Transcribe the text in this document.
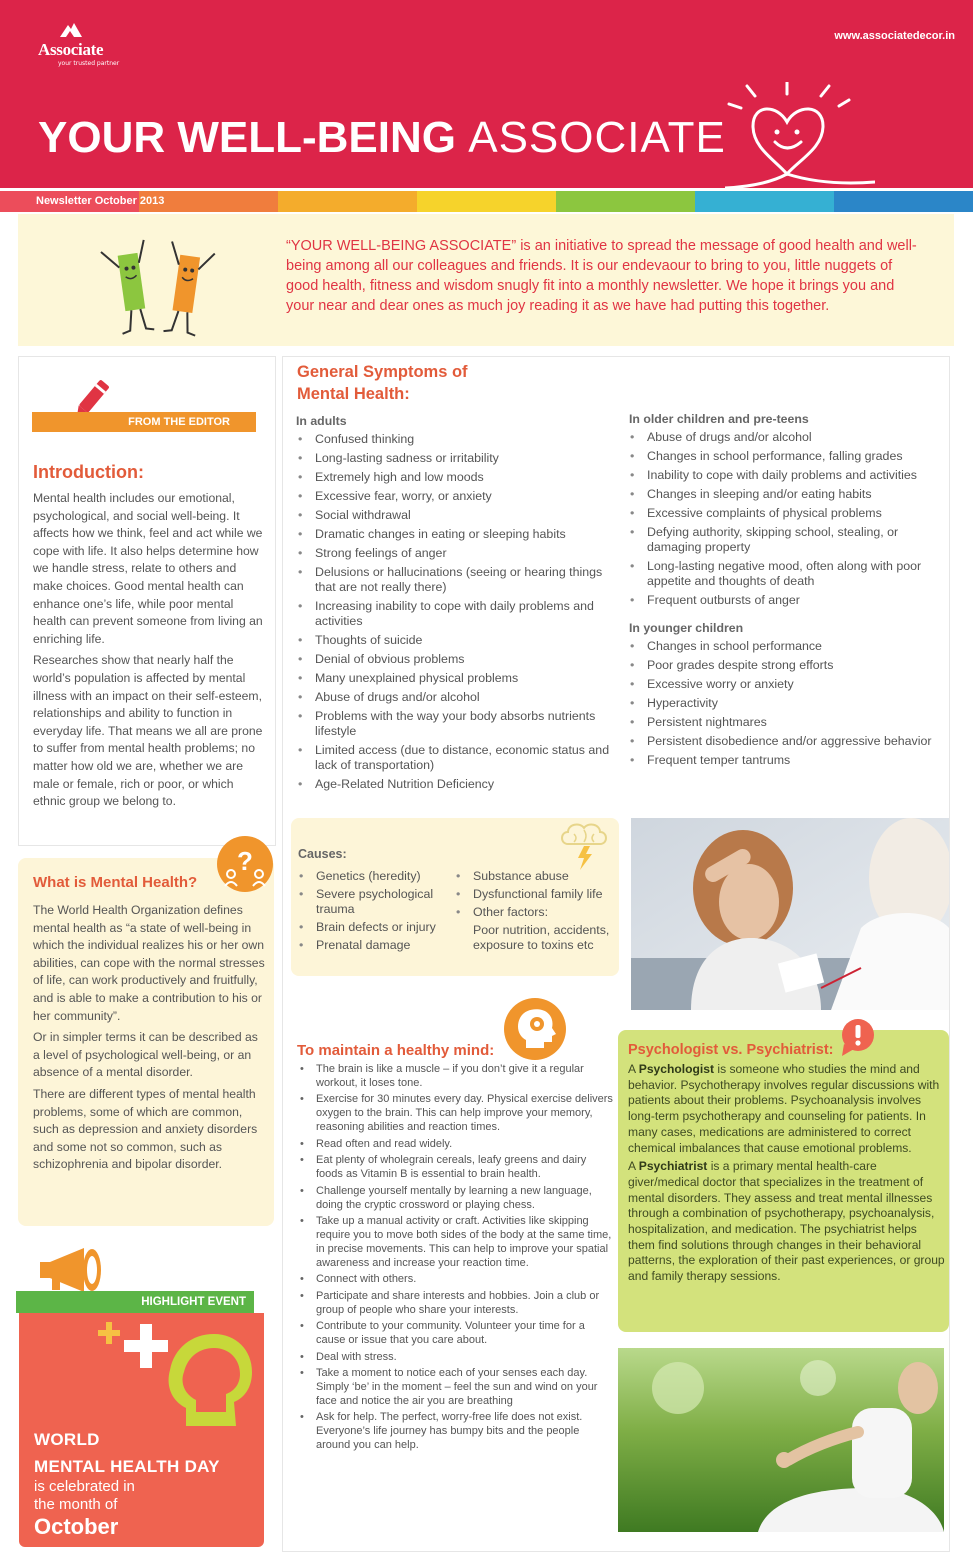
Associate
your trusted partner
www.associatedecor.in
YOUR WELL-BEING ASSOCIATE
Newsletter October 2013
“YOUR WELL-BEING ASSOCIATE” is an initiative to spread the message of good health and well-being among all our colleagues and friends. It is our endevaour to bring to you, little nuggets of good health, fitness and wisdom snugly fit into a monthly newsletter. We hope it brings you and your near and dear ones as much joy reading it as we have had putting this together.
FROM THE EDITOR
Introduction:

Mental health includes our emotional, psychological, and social well-being. It affects how we think, feel and act while we cope with life. It also helps determine how we handle stress, relate to others and make choices. Good mental health can enhance one’s life, while poor mental health can prevent someone from living an enriching life.

Researches show that nearly half the world’s population is affected by mental illness with an impact on their self-esteem, relationships and ability to function in everyday life. That means we all are prone to suffer from mental health problems; no matter how old we are, whether we are male or female, rich or poor, or which ethnic group we belong to.

?
What is Mental Health?

The World Health Organization defines mental health as “a state of well-being in which the individual realizes his or her own abilities, can cope with the normal stresses of life, can work productively and fruitfully, and is able to make a contribution to his or her community”.

Or in simpler terms it can be described as a level of psychological well-being, or an absence of a mental disorder.

There are different types of mental health problems, some of which are common, such as depression and anxiety disorders and some not so common, such as schizophrenia and bipolar disorder.

HIGHLIGHT EVENT
WORLD
MENTAL HEALTH DAY
is celebrated in
the month of
October
General Symptoms of
Mental Health:
In adults
• Confused thinking
• Long-lasting sadness or irritability
• Extremely high and low moods
• Excessive fear, worry, or anxiety
• Social withdrawal
• Dramatic changes in eating or sleeping habits
• Strong feelings of anger
• Delusions or hallucinations (seeing or hearing things that are not really there)
• Increasing inability to cope with daily problems and activities
• Thoughts of suicide
• Denial of obvious problems
• Many unexplained physical problems
• Abuse of drugs and/or alcohol
• Problems with the way your body absorbs nutrients lifestyle
• Limited access (due to distance, economic status and lack of transportation)
• Age-Related Nutrition Deficiency
In older children and pre-teens
• Abuse of drugs and/or alcohol
• Changes in school performance, falling grades
• Inability to cope with daily problems and activities
• Changes in sleeping and/or eating habits
• Excessive complaints of physical problems
• Defying authority, skipping school, stealing, or damaging property
• Long-lasting negative mood, often along with poor appetite and thoughts of death
• Frequent outbursts of anger
In younger children
• Changes in school performance
• Poor grades despite strong efforts
• Excessive worry or anxiety
• Hyperactivity
• Persistent nightmares
• Persistent disobedience and/or aggressive behavior
• Frequent temper tantrums
Causes:
• Genetics (heredity)
• Severe psychological trauma
• Brain defects or injury
• Prenatal damage
• Substance abuse
• Dysfunctional family life
• Other factors:
Poor nutrition, accidents, exposure to toxins etc
To maintain a healthy mind:
• The brain is like a muscle – if you don’t give it a regular workout, it loses tone.
• Exercise for 30 minutes every day. Physical exercise delivers oxygen to the brain. This can help improve your memory, reasoning abilities and reaction times.
• Read often and read widely.
• Eat plenty of wholegrain cereals, leafy greens and dairy foods as Vitamin B is essential to brain health.
• Challenge yourself mentally by learning a new language, doing the cryptic crossword or playing chess.
• Take up a manual activity or craft. Activities like skipping require you to move both sides of the body at the same time, in precise movements. This can help to improve your spatial awareness and increase your reaction time.
• Connect with others.
• Participate and share interests and hobbies. Join a club or group of people who share your interests.
• Contribute to your community. Volunteer your time for a cause or issue that you care about.
• Deal with stress.
• Take a moment to notice each of your senses each day. Simply ‘be’ in the moment – feel the sun and wind on your face and notice the air you are breathing
• Ask for help. The perfect, worry-free life does not exist. Everyone’s life journey has bumpy bits and the people around you can help.
Psychologist vs. Psychiatrist:

A Psychologist is someone who studies the mind and behavior. Psychotherapy involves regular discussions with patients about their problems. Psychoanalysis involves long-term psychotherapy and counseling for patients. In many cases, medications are administered to correct chemical imbalances that cause emotional problems.

A Psychiatrist is a primary mental health-care giver/medical doctor that specializes in the treatment of mental disorders. They assess and treat mental illnesses through a combination of psychotherapy, psychoanalysis, hospitalization, and medication. The psychiatrist helps them find solutions through changes in their behavioral patterns, the exploration of their past experiences, or group and family therapy sessions.
